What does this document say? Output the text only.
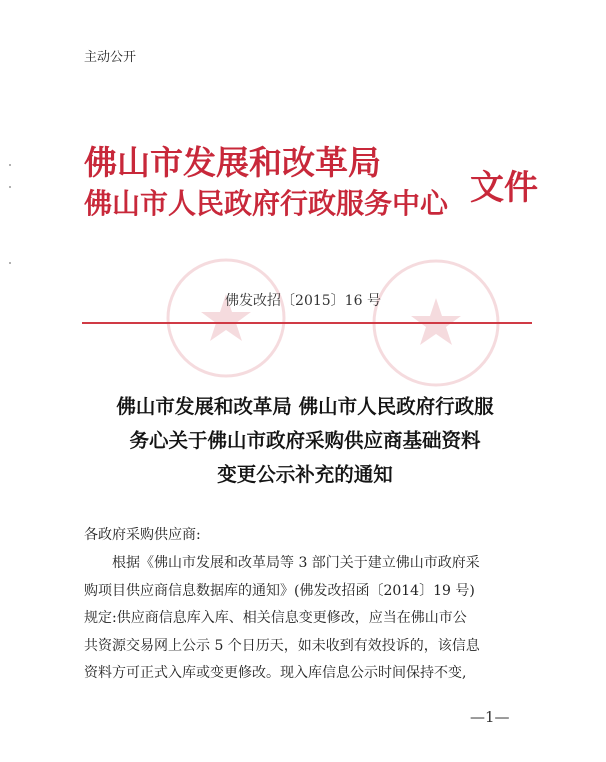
主动公开
佛山市发展和改革局
佛山市人民政府行政服务中心 文件
佛发改招〔2015〕16 号
佛山市发展和改革局 佛山市人民政府行政服
务心关于佛山市政府采购供应商基础资料
变更公示补充的通知
各政府采购供应商:
根据《佛山市发展和改革局等 3 部门关于建立佛山市政府采
购项目供应商信息数据库的通知》(佛发改招函〔2014〕19 号)
规定:供应商信息库入库、相关信息变更修改，应当在佛山市公
共资源交易网上公示 5 个日历天，如未收到有效投诉的，该信息
资料方可正式入库或变更修改。现入库信息公示时间保持不变,
—1—
